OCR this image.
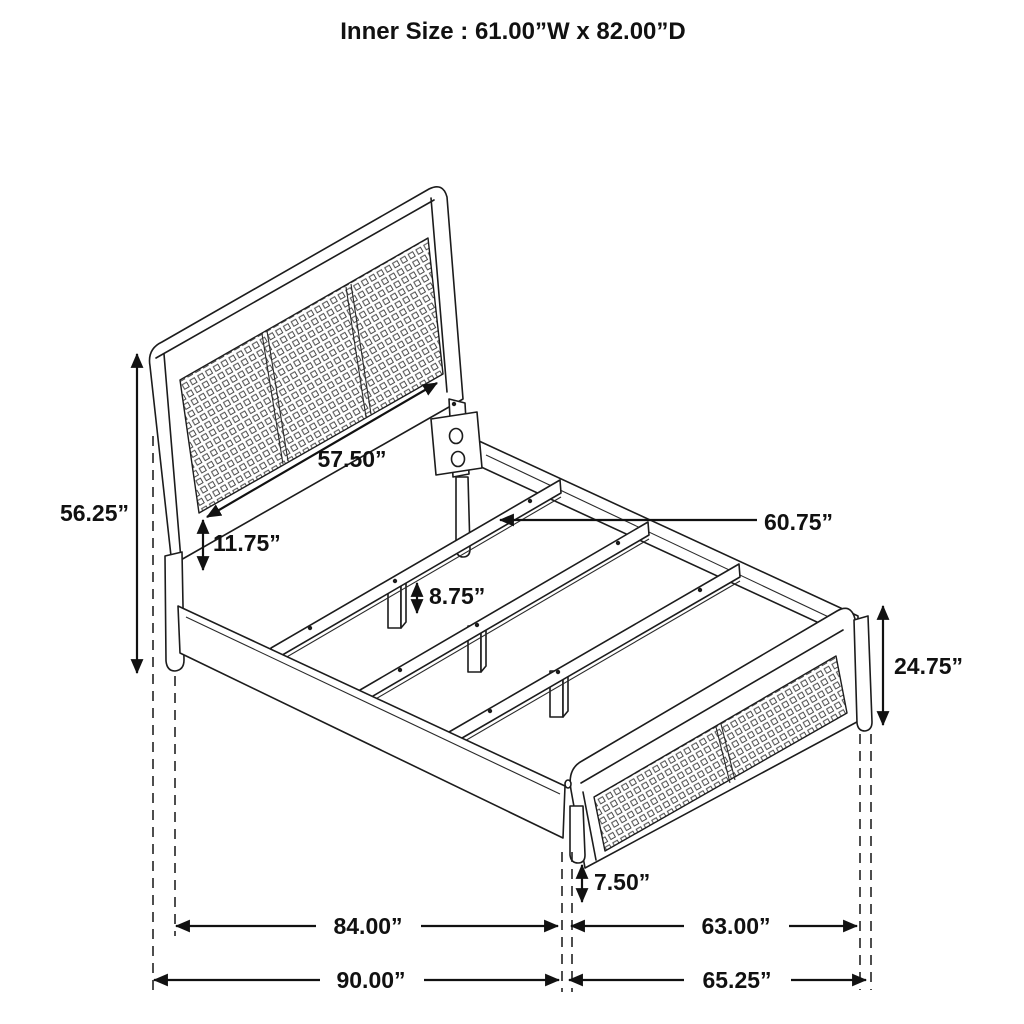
56.25”
57.50”
11.75”
8.75”
60.75”
24.75”
7.50”
84.00”	63.00”
90.00”	65.25”
Inner Size : 61.00”W x 82.00”D
